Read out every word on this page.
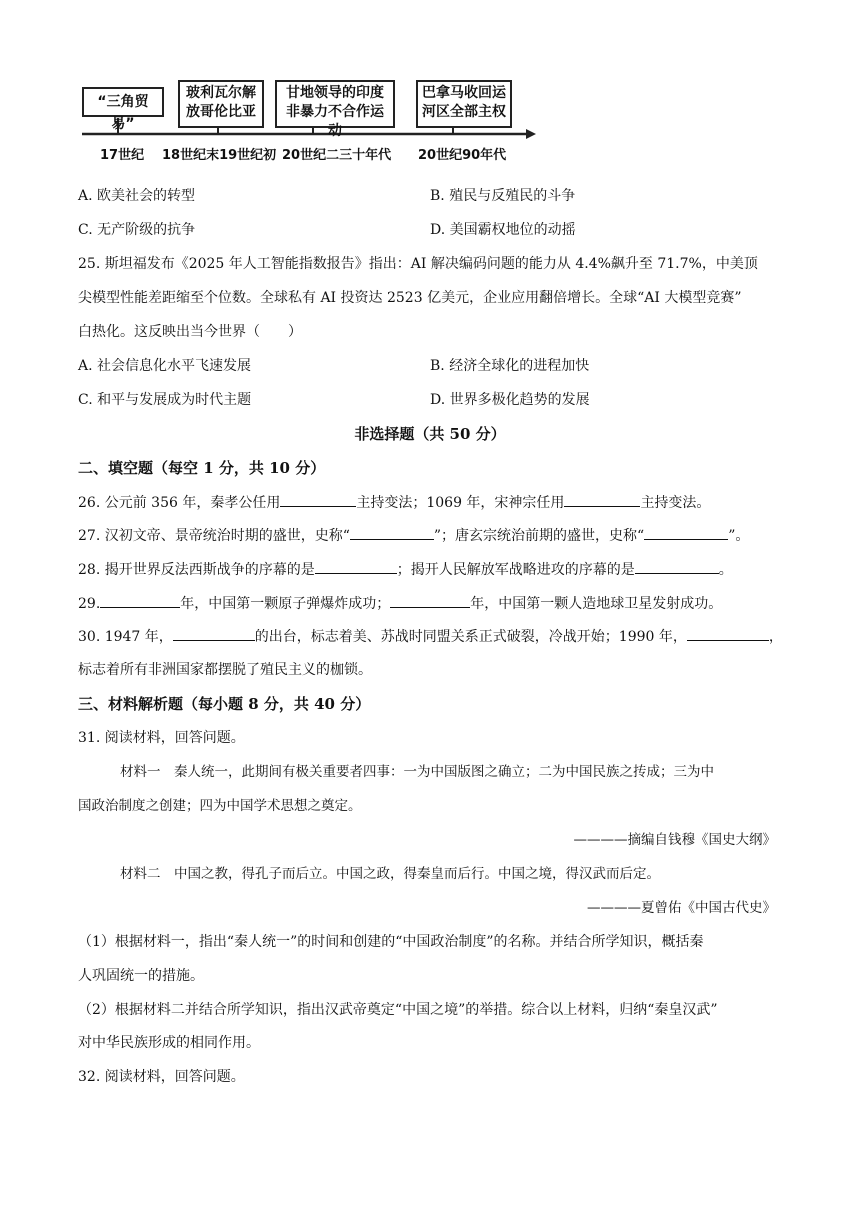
“三角贸易”
玻利瓦尔解
放哥伦比亚
甘地领导的印度
非暴力不合作运动
巴拿马收回运
河区全部主权
17世纪 18世纪末19世纪初 20世纪二三十年代 20世纪90年代
A. 欧美社会的转型	B. 殖民与反殖民的斗争
C. 无产阶级的抗争	D. 美国霸权地位的动摇
25. 斯坦福发布《2025 年人工智能指数报告》指出：AI 解决编码问题的能力从 4.4%飙升至 71.7%，中美顶
尖模型性能差距缩至个位数。全球私有 AI 投资达 2523 亿美元，企业应用翻倍增长。全球“AI 大模型竞赛”
白热化。这反映出当今世界（　　）
A. 社会信息化水平飞速发展	B. 经济全球化的进程加快
C. 和平与发展成为时代主题	D. 世界多极化趋势的发展
非选择题（共 50 分）
二、填空题（每空 1 分，共 10 分）
26. 公元前 356 年，秦孝公任用	主持变法；1069 年，宋神宗任用	主持变法。
27. 汉初文帝、景帝统治时期的盛世，史称“	”；唐玄宗统治前期的盛世，史称“	”。
28. 揭开世界反法西斯战争的序幕的是	；揭开人民解放军战略进攻的序幕的是	。
29.	年，中国第一颗原子弹爆炸成功；	年，中国第一颗人造地球卫星发射成功。
30. 1947 年，	的出台，标志着美、苏战时同盟关系正式破裂，冷战开始；1990 年，	，
标志着所有非洲国家都摆脱了殖民主义的枷锁。
三、材料解析题（每小题 8 分，共 40 分）
31. 阅读材料，回答问题。
材料一　秦人统一，此期间有极关重要者四事：一为中国版图之确立；二为中国民族之抟成；三为中
国政治制度之创建；四为中国学术思想之奠定。
————摘编自钱穆《国史大纲》
材料二　中国之教，得孔子而后立。中国之政，得秦皇而后行。中国之境，得汉武而后定。
————夏曾佑《中国古代史》
（1）根据材料一，指出“秦人统一”的时间和创建的“中国政治制度”的名称。并结合所学知识，概括秦
人巩固统一的措施。
（2）根据材料二并结合所学知识，指出汉武帝奠定“中国之境”的举措。综合以上材料，归纳“秦皇汉武”
对中华民族形成的相同作用。
32. 阅读材料，回答问题。
